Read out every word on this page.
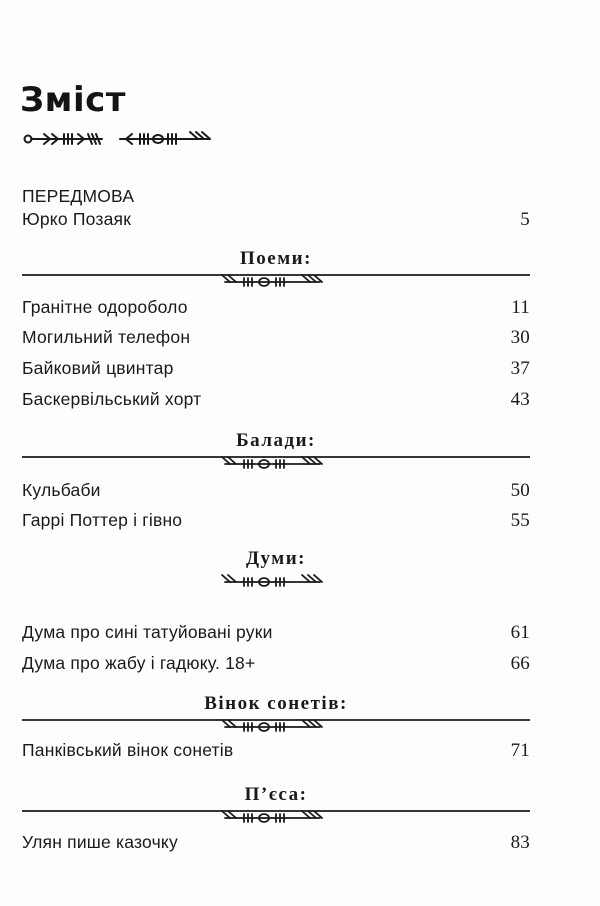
Зміст
ПЕРЕДМОВА
Юрко Позаяк	5
Поеми:
Гранітне одороболо	11
Могильний телефон	30
Байковий цвинтар	37
Баскервільський хорт	43
Балади:
Кульбаби	50
Гаррі Поттер і гівно	55
Думи:
Дума про сині татуйовані руки	61
Дума про жабу і гадюку. 18+	66
Вінок сонетів:
Панківський вінок сонетів	71
П’єса:
Улян пише казочку	83
